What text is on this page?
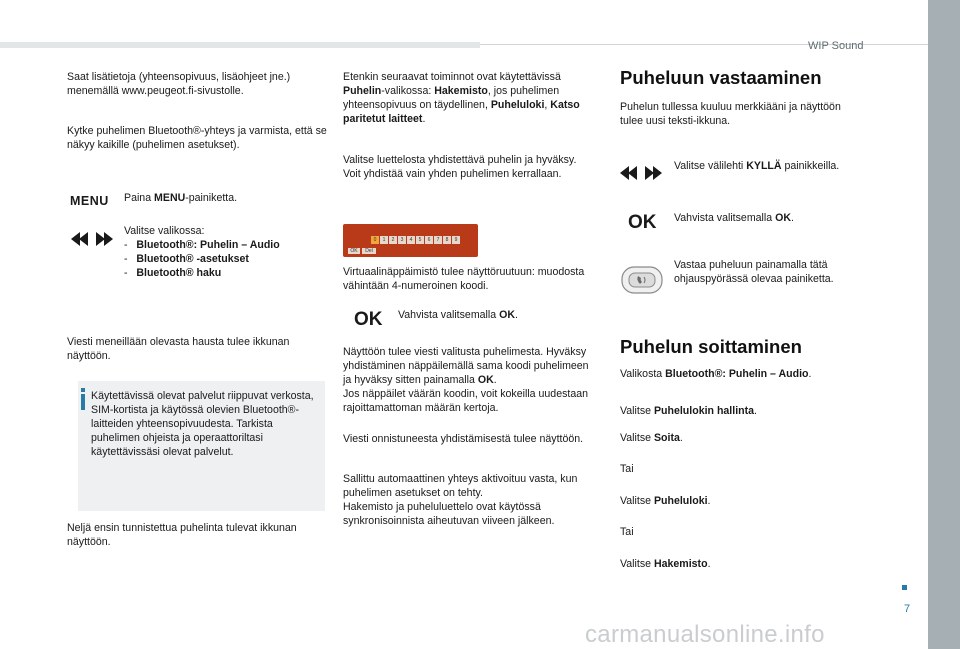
WIP Sound
Saat lisätietoja (yhteensopivuus, lisäohjeet jne.) menemällä www.peugeot.fi-sivustolle.
Kytke puhelimen Bluetooth®-yhteys ja varmista, että se näkyy kaikille (puhelimen asetukset).
MENU Paina MENU-painiketta.
Valitse valikossa:
-   Bluetooth®: Puhelin – Audio
-   Bluetooth® -asetukset
-   Bluetooth® haku
Viesti meneillään olevasta hausta tulee ikkunan näyttöön.
Käytettävissä olevat palvelut riippuvat verkosta, SIM-kortista ja käytössä olevien Bluetooth®-laitteiden yhteensopivuudesta. Tarkista puhelimen ohjeista ja operaattoriltasi käytettävissäsi olevat palvelut.
Neljä ensin tunnistettua puhelinta tulevat ikkunan näyttöön.
Etenkin seuraavat toiminnot ovat käytettävissä Puhelin-valikossa: Hakemisto, jos puhelimen yhteensopivuus on täydellinen, Puheluloki, Katso paritetut laitteet.
Valitse luettelosta yhdistettävä puhelin ja hyväksy. Voit yhdistää vain yhden puhelimen kerrallaan.
0	1	2	3	4	5	6	7	8	9
OK	Del
Virtuaalinäppäimistö tulee näyttöruutuun: muodosta vähintään 4-numeroinen koodi.
OK Vahvista valitsemalla OK.
Näyttöön tulee viesti valitusta puhelimesta. Hyväksy yhdistäminen näppäilemällä sama koodi puhelimeen ja hyväksy sitten painamalla OK.
Jos näppäilet väärän koodin, voit kokeilla uudestaan rajoittamattoman määrän kertoja.
Viesti onnistuneesta yhdistämisestä tulee näyttöön.
Sallittu automaattinen yhteys aktivoituu vasta, kun puhelimen asetukset on tehty.
Hakemisto ja puheluluettelo ovat käytössä synkronisoinnista aiheutuvan viiveen jälkeen.
Puheluun vastaaminen
Puhelun tullessa kuuluu merkkiääni ja näyttöön tulee uusi teksti-ikkuna.
Valitse välilehti KYLLÄ painikkeilla.
OK Vahvista valitsemalla OK.
Vastaa puheluun painamalla tätä ohjauspyörässä olevaa painiketta.
Puhelun soittaminen
Valikosta Bluetooth®: Puhelin – Audio.
Valitse Puhelulokin hallinta.
Valitse Soita.
Tai
Valitse Puheluloki.
Tai
Valitse Hakemisto.
7
carmanualsonline.info
